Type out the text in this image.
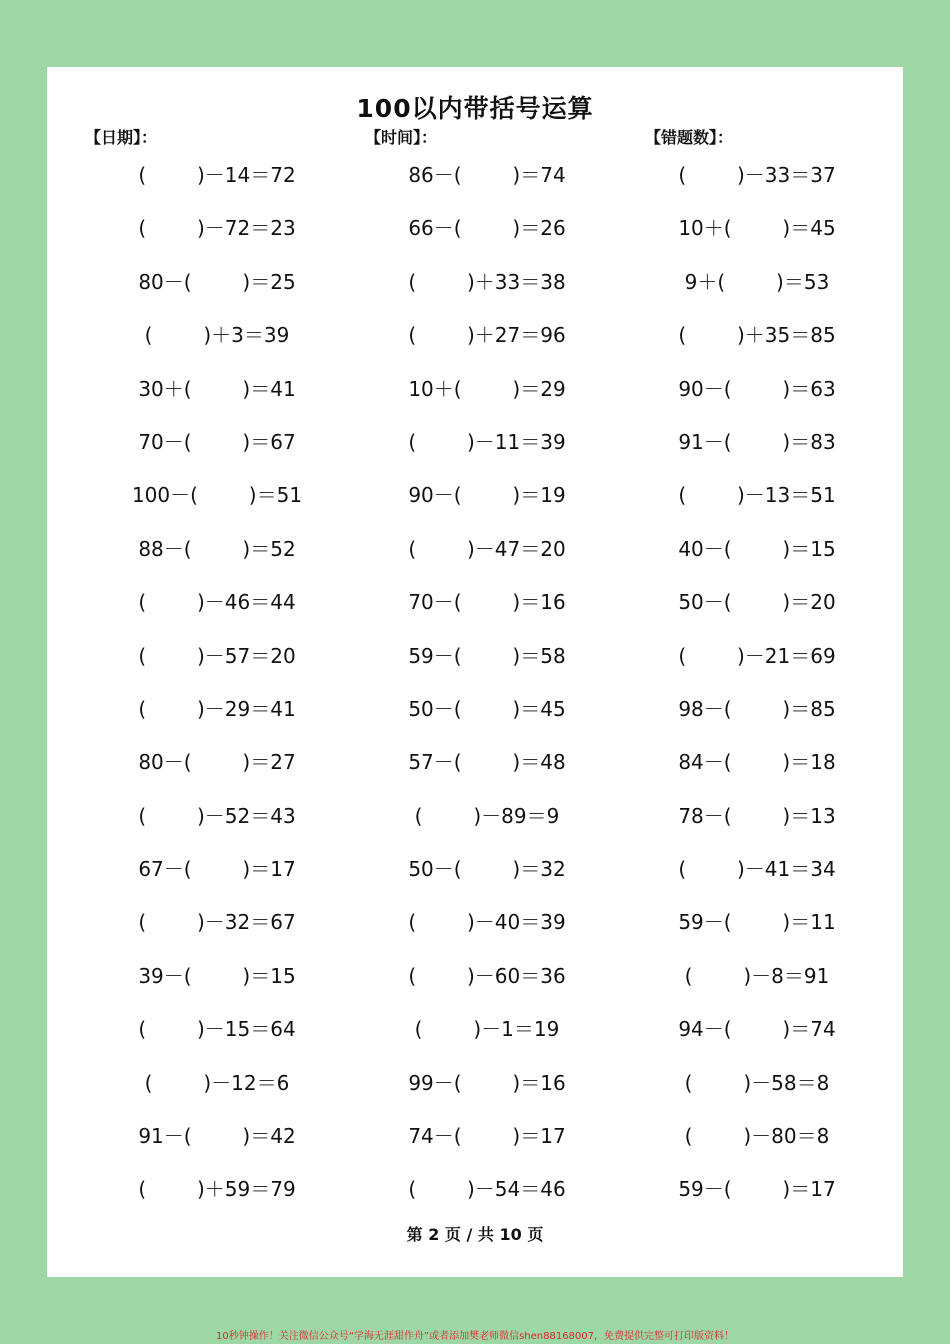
100以内带括号运算
【日期】：	【时间】：	【错题数】：
(        )－14＝72
(        )－72＝23
80－(        )＝25
(        )＋3＝39
30＋(        )＝41
70－(        )＝67
100－(        )＝51
88－(        )＝52
(        )－46＝44
(        )－57＝20
(        )－29＝41
80－(        )＝27
(        )－52＝43
67－(        )＝17
(        )－32＝67
39－(        )＝15
(        )－15＝64
(        )－12＝6
91－(        )＝42
(        )＋59＝79
86－(        )＝74
66－(        )＝26
(        )＋33＝38
(        )＋27＝96
10＋(        )＝29
(        )－11＝39
90－(        )＝19
(        )－47＝20
70－(        )＝16
59－(        )＝58
50－(        )＝45
57－(        )＝48
(        )－89＝9
50－(        )＝32
(        )－40＝39
(        )－60＝36
(        )－1＝19
99－(        )＝16
74－(        )＝17
(        )－54＝46
(        )－33＝37
10＋(        )＝45
9＋(        )＝53
(        )＋35＝85
90－(        )＝63
91－(        )＝83
(        )－13＝51
40－(        )＝15
50－(        )＝20
(        )－21＝69
98－(        )＝85
84－(        )＝18
78－(        )＝13
(        )－41＝34
59－(        )＝11
(        )－8＝91
94－(        )＝74
(        )－58＝8
(        )－80＝8
59－(        )＝17
第 2 页 / 共 10 页
10秒钟操作！关注微信公众号“学海无涯甜作舟”或者添加樊老师微信shen88168007，免费提供完整可打印版资料！
